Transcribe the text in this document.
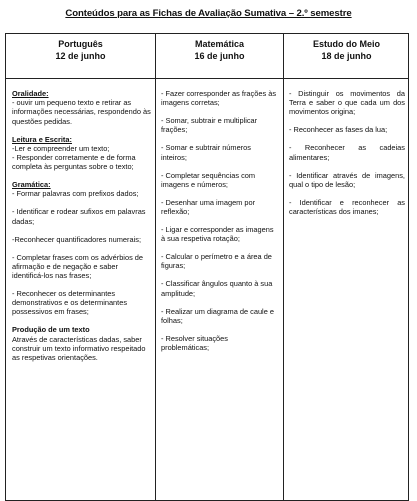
Conteúdos para as Fichas de Avaliação Sumativa – 2.º semestre
Português
12 de junho
Matemática
16 de junho
Estudo do Meio
18 de junho
Oralidade:

- ouvir um pequeno texto e retirar as informações necessárias, respondendo às questões pedidas.

Leitura e Escrita:

-Ler e compreender um texto;

- Responder corretamente e de forma completa às perguntas sobre o texto;

Gramática:

- Formar palavras com prefixos dados;

- Identificar e rodear sufixos em palavras dadas;

-Reconhecer quantificadores numerais;

- Completar frases com os advérbios de afirmação e de negação e saber identificá-los nas frases;

- Reconhecer os determinantes demonstrativos e os determinantes possessivos em frases;

Produção de um texto

Através de características dadas, saber construir um texto informativo respeitado as respetivas orientações.

- Fazer corresponder as frações às imagens corretas;

- Somar, subtrair e multiplicar frações;

- Somar e subtrair números inteiros;

- Completar sequências com imagens e números;

- Desenhar uma imagem por reflexão;

- Ligar e corresponder as imagens à sua respetiva rotação;

- Calcular o perímetro e a área de figuras;

- Classificar ângulos quanto à sua amplitude;

- Realizar um diagrama de caule e folhas;

- Resolver situações problemáticas;

- Distinguir os movimentos da Terra e saber o que cada um dos movimentos origina;

- Reconhecer as fases da lua;

- Reconhecer as cadeias alimentares;

- Identificar através de imagens, qual o tipo de lesão;

- Identificar e reconhecer as características dos imanes;
